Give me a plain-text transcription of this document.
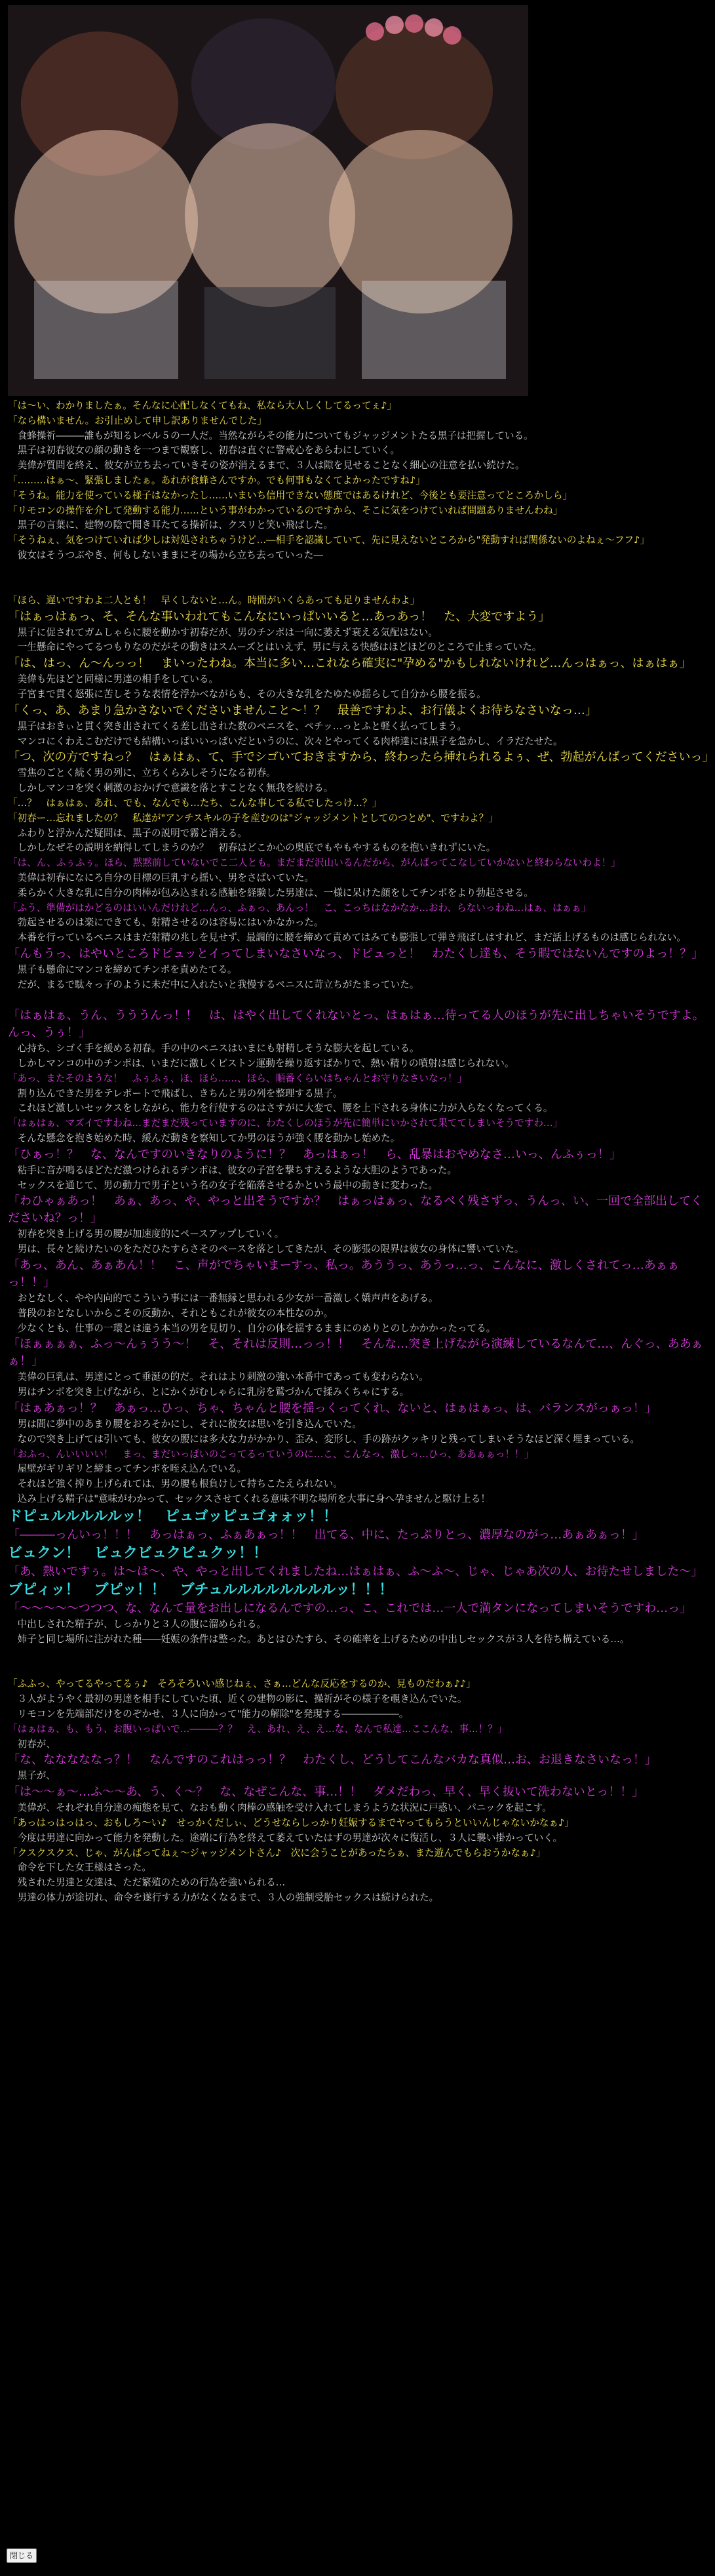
「は～い、わかりましたぁ。そんなに心配しなくてもね、私なら大人しくしてるってぇ♪」
「なら構いません。お引止めして申し訳ありませんでした」
　食蜂操祈―――誰もが知るレベル５の一人だ。当然ながらその能力についてもジャッジメントたる黒子は把握している。
　黒子は初春彼女の顔の動きを一つまで観察し、初春は直ぐに警戒心をあらわにしていく。
　美偉が質問を終え、彼女が立ち去っていきその姿が消えるまで、３人は隙を見せることなく細心の注意を払い続けた。
「………はぁ～、緊張しましたぁ。あれが食蜂さんですか。でも何事もなくてよかったですね♪」
「そうね。能力を使っている様子はなかったし……いまいち信用できない態度ではあるけれど、今後とも要注意ってところかしら」
「リモコンの操作を介して発動する能力……という事がわかっているのですから、そこに気をつけていれば問題ありませんわね」
　黒子の言葉に、建物の陰で聞き耳たてる操祈は、クスリと笑い飛ばした。
「そうねぇ、気をつけていれば少しは対処されちゃうけど…―相手を認識していて、先に見えないところから"発動すれば関係ないのよねぇ～フフ♪」
　彼女はそうつぶやき、何もしないままにその場から立ち去っていった―
「ほら、遅いですわよ二人とも！　早くしないと…ん。時間がいくらあっても足りませんわよ」
「はぁっはぁっ、そ、そんな事いわれてもこんなにいっぱいいると…あっあっ！　た、大変ですよう」
　黒子に促されてガムしゃらに腰を動かす初春だが、男のチンポは一向に萎えず衰える気配はない。
　一生懸命にやってるつもりなのだがその動きはスムーズとはいえず、男に与える快感はほどほどのところで止まっていた。
「は、はっ、ん～んっっ！　まいったわね。本当に多い…これなら確実に"孕める"かもしれないけれど…んっはぁっ、はぁはぁ」
　美偉も先ほどと同様に男達の相手をしている。
　子宮まで貫く怒張に苦しそうな表情を浮かべながらも、その大きな乳をたゆたゆ揺らして自分から腰を振る。
「くっ、あ、あまり急かさないでくださいませんこと～！？　最善ですわよ、お行儀よくお待ちなさいなっ…」
　黒子はおきぃと貫く突き出されてくる差し出された数のペニスを、ペチッ…っとふと軽く払ってしまう。
　マンコにくわえこむだけでも結構いっぱいいっぱいだというのに、次々とやってくる肉棒達には黒子を急かし、イラだたせた。
「つ、次の方ですねっ？　はぁはぁ、て、手でシゴいておきますから、終わったら挿れられるよぅ、ぜ、勃起がんばってくださいっ」
　雪焦のごとく続く男の列に、立ちくらみしそうになる初春。
　しかしマンコを突く刺激のおかげで意識を落とすことなく無我を続ける。
「…？　はぁはぁ、あれ、でも、なんでも…たち、こんな事してる私でしたっけ…？」
「初春ー…忘れましたの？　私達が"アンチスキルの子を産むのは"ジャッジメントとしてのつとめ"、ですわよ？」
　ふわりと浮かんだ疑問は、黒子の説明で霧と消える。
　しかしなぜその説明を納得してしまうのか？　初春はどこか心の奥底でもやもやするものを抱いきれずにいた。
「は、ん、ふぅふぅ。ほら、黙黙前していないでこ二人とも。まだまだ沢山いるんだから、がんばってこなしていかないと終わらないわよ！」
　美偉は初春になにろ自分の目標の巨乳すら揺い、男をさばいていた。
　柔らかく大きな乳に自分の肉棒が包み込まれる感触を経験した男達は、一様に呆けた顔をしてチンポをより勃起させる。
「ふう、準備がはかどるのはいいんだけれど…んっ、ふぁっ、あんっ！　こ、こっちはなかなか…おわ、らないっわね…はぁ、はぁぁ」
　勃起させるのは楽にできても、射精させるのは容易にはいかなかった。
　本番を行っているペニスはまだ射精の兆しを見せず、最調的に腰を締めて責めてはみても膨張して弾き飛ばしはすれど、まだ話上げるものは感じられない。
「んもうっ、はやいところドピュッとイってしまいなさいなっ、ドピュっと！　わたくし達も、そう暇ではないんですのよっ！？」
　黒子も懸命にマンコを締めてチンポを責めたてる。
　だが、まるで駄々っ子のように未だ中に入れたいと我慢するペニスに苛立ちがたまっていた。
「はぁはぁ、うん、うううんっ！！　は、はやく出してくれないとっ、はぁはぁ…待ってる人のほうが先に出しちゃいそうですよ。んっ、うぅ！」
　心持ち、シゴく手を緩める初春。手の中のペニスはいまにも射精しそうな膨大を起している。
　しかしマンコの中のチンポは、いまだに激しくピストン運動を繰り返すばかりで、熱い精りの噴射は感じられない。
「あっ、またそのような！　ふぅふぅ、ほ、ほら……、ほら、順番くらいはちゃんとお守りなさいなっ！」
　割り込んできた男をテレポートで飛ばし、きちんと男の列を整理する黒子。
　これほど激しいセックスをしながら、能力を行使するのはさすがに大変で、腰を上下される身体に力が入らなくなってくる。
「はぁはぁ、マズイですわね…まだまだ残っていますのに、わたくしのほうが先に簡単にいかされて果ててしまいそうですわ…」
　そんな懸念を抱き始めた時、緩んだ動きを察知してか男のほうが強く腰を動かし始めた。
「ひぁっ！？　な、なんですのいきなりのように！？　あっはぁっ！　ら、乱暴はおやめなさ…いっ、んふぅっ！」
　粘手に音が鳴るほどただ激つけられるチンポは、彼女の子宮を撃ちすえるような大胆のようであった。
　セックスを通じて、男の動力で男子という名の女子を陥落させるかという最中の動きに変わった。
「わひゃぁあっ！　あぁ、あっ、や、やっと出そうですか？　はぁっはぁっ、なるべく残さずっ、うんっ、い、一回で全部出してくださいね？っ！」
　初春を突き上げる男の腰が加速度的にペースアップしていく。
　男は、長々と続けたいのをただひたすらさそのペースを落としてきたが、その膨張の限界は彼女の身体に響いていた。
「あっ、あん、あぁあん！！　こ、声がでちゃいまーすっ、私っ。あううっ、あうっ…っ、こんなに、激しくされてっ…あぁぁっ！！」
　おとなしく、やや内向的でこういう事には一番無縁と思われる少女が一番激しく嬌声声をあげる。
　普段のおとなしいからこその反動か、それともこれが彼女の本性なのか。
　少なくとも、仕事の一環とは違う本当の男を見切り、自分の体を揺するままにのめりとのしかかかったってる。
「ほぁぁぁぁ、ふっ～んぅうう～！　そ、それは反則…っっ！！　そんな…突き上げながら演練しているなんて…、んぐっ、ああぁぁ！」
　美偉の巨乳は、男達にとって垂涎の的だ。それはより刺激の強い本番中であっても変わらない。
　男はチンポを突き上げながら、とにかくがむしゃらに乳房を鷲づかんで揉みくちゃにする。
「はぁあぁっ！？　あぁっ…ひっ、ちゃ、ちゃんと腰を揺っくってくれ、ないと、はぁはぁっ、は、バランスがっぁっ！」
　男は間に夢中のあまり腰をおろそかにし、それに彼女は思いを引き込んでいた。
　なので突き上げては引いても、彼女の腰には多大な力がかかり、歪み、変形し、手の跡がクッキリと残ってしまいそうなほど深く埋まっている。
「おふっ、んいいいい！　まっ、まだいっぱいのこってるっていうのに…こ、こんなっ、激しっ…ひっ、ああぁぁっ！！」
　屋壁がギリギリと締まってチンポを咥え込んでいる。
　それほど強く搾り上げられては、男の腰も根負けして持ちこたえられない。
　込み上げる精子は"意味がわかって、セックスさせてくれる意味不明な場所を大事に身へ孕ませんと駆け上る！
ドピュルルルルルッ！　ピュゴッピュゴォォッ！！
「―――っんいっ！！！　あっはぁっ、ふぁあぁっ！！　出てる、中に、たっぷりとっ、濃厚なのがっ…あぁあぁっ！」
ビュクン！　ビュクビュクビュクッ！！
「あ、熱いですぅ。は～は～、や、やっと出してくれましたね…はぁはぁ、ふ～ふ～、じゃ、じゃあ次の人、お待たせしました～」
ブピィッ！　ブピッ！！　ブチュルルルルルルルルッ！！！
「～～～～～つつつ、な、なんて量をお出しになるんですの…っ、こ、これでは…一人で満タンになってしまいそうですわ…っ」
　中出しされた精子が、しっかりと３人の腹に溜められる。
　姉子と同じ場所に注がれた種――妊娠の条件は整った。あとはひたすら、その確率を上げるための中出しセックスが３人を待ち構えている…。
「ふふっ、やってるやってるぅ♪　そろそろいい感じねぇ、さぁ…どんな反応をするのか、見ものだわぁ♪♪」
　３人がようやく最初の男達を相手にしていた頃、近くの建物の影に、操祈がその様子を覗き込んでいた。
　リモコンを先端部だけをのぞかせ、３人に向かって"能力の解除"を発現する――――――。
「はぁはぁ、も、もう、お腹いっぱいで…―――？？　え、あれ、え、え…な、なんで私達…ここんな、事…！？」
　初春が、
「な、なななななっ？！　なんですのこれはっっ！？　わたくし、どうしてこんなバカな真似…お、お退きなさいなっ！」
　黒子が、
「は～～ぁ～…ふ～～あ、う、く～？　な、なぜこんな、事…！！　ダメだわっ、早く、早く抜いて洗わないとっ！！」
　美偉が、それぞれ自分達の痴態を見て、なおも動く肉棒の感触を受け入れてしまうような状況に戸惑い、パニックを起こす。
「あっはっはっはっ、おもしろ～い♪　せっかくだしぃ、どうせならしっかり妊娠するまでヤってもらうといいんじゃないかなぁ♪」
　今度は男達に向かって能力を発動した。途端に行為を終えて萎えていたはずの男達が次々に復活し、３人に襲い掛かっていく。
「クスクスクス、じゃ、がんばってねぇ～ジャッジメントさん♪　次に会うことがあったらぁ、また遊んでもらおうかなぁ♪」
　命令を下した女王様はさった。
　残された男達と女達は、ただ繁殖のための行為を強いられる…
　男達の体力が途切れ、命令を遂行する力がなくなるまで、３人の強制受胎セックスは続けられた。
閉じる
